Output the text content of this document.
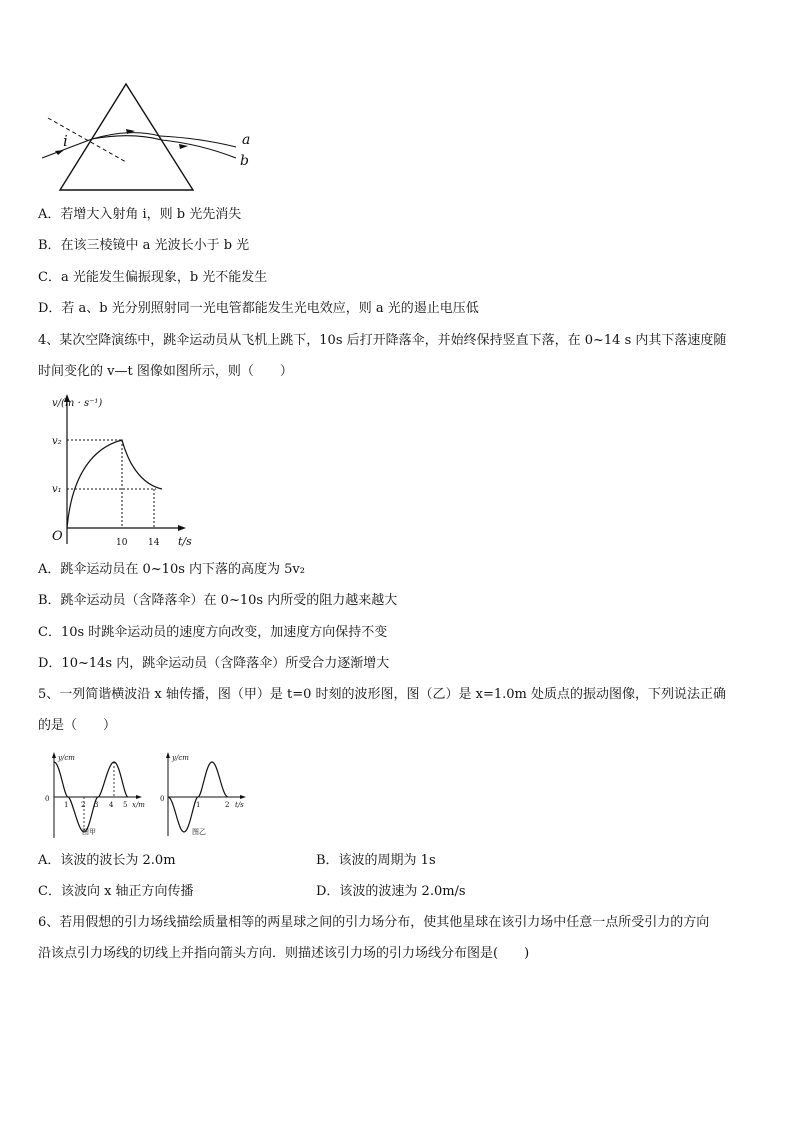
i	a
b
A．若增大入射角 i，则 b 光先消失
B．在该三棱镜中 a 光波长小于 b 光
C．a 光能发生偏振现象，b 光不能发生
D．若 a、b 光分别照射同一光电管都能发生光电效应，则 a 光的遏止电压低
4、某次空降演练中，跳伞运动员从飞机上跳下，10s 后打开降落伞，并始终保持竖直下落，在 0~14 s 内其下落速度随
时间变化的 v—t 图像如图所示，则（　　）
v/(m · s⁻¹)
v₂
v₁
O	10 14 t/s
A．跳伞运动员在 0~10s 内下落的高度为 5v₂
B．跳伞运动员（含降落伞）在 0~10s 内所受的阻力越来越大
C．10s 时跳伞运动员的速度方向改变，加速度方向保持不变
D．10~14s 内，跳伞运动员（含降落伞）所受合力逐渐增大
5、一列简谐横波沿 x 轴传播，图（甲）是 t=0 时刻的波形图，图（乙）是 x=1.0m 处质点的振动图像，下列说法正确
的是（　　）
y/cm
0
1 2 3 4 5 x/m
图甲
y/cm
0
1	2 t/s
图乙
A．该波的波长为 2.0m	B．该波的周期为 1s
C．该波向 x 轴正方向传播	D．该波的波速为 2.0m/s
6、若用假想的引力场线描绘质量相等的两星球之间的引力场分布，使其他星球在该引力场中任意一点所受引力的方向
沿该点引力场线的切线上并指向箭头方向．则描述该引力场的引力场线分布图是(　　)
